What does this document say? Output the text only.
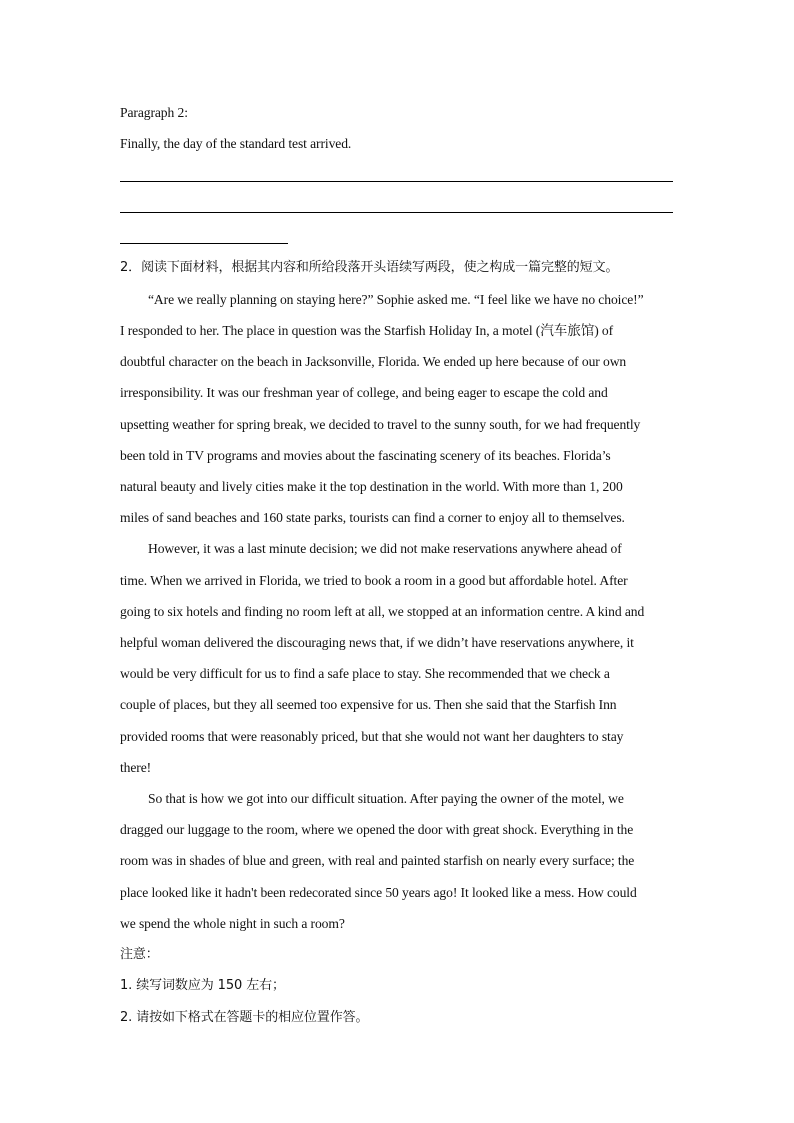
Paragraph 2:
Finally, the day of the standard test arrived.
2．阅读下面材料，根据其内容和所给段落开头语续写两段，使之构成一篇完整的短文。
“Are we really planning on staying here?” Sophie asked me. “I feel like we have no choice!”
I responded to her. The place in question was the Starfish Holiday In, a motel (汽车旅馆) of
doubtful character on the beach in Jacksonville, Florida. We ended up here because of our own
irresponsibility. It was our freshman year of college, and being eager to escape the cold and
upsetting weather for spring break, we decided to travel to the sunny south, for we had frequently
been told in TV programs and movies about the fascinating scenery of its beaches. Florida’s
natural beauty and lively cities make it the top destination in the world. With more than 1, 200
miles of sand beaches and 160 state parks, tourists can find a corner to enjoy all to themselves.
However, it was a last minute decision; we did not make reservations anywhere ahead of
time. When we arrived in Florida, we tried to book a room in a good but affordable hotel. After
going to six hotels and finding no room left at all, we stopped at an information centre. A kind and
helpful woman delivered the discouraging news that, if we didn’t have reservations anywhere, it
would be very difficult for us to find a safe place to stay. She recommended that we check a
couple of places, but they all seemed too expensive for us. Then she said that the Starfish Inn
provided rooms that were reasonably priced, but that she would not want her daughters to stay
there!
So that is how we got into our difficult situation. After paying the owner of the motel, we
dragged our luggage to the room, where we opened the door with great shock. Everything in the
room was in shades of blue and green, with real and painted starfish on nearly every surface; the
place looked like it hadn't been redecorated since 50 years ago! It looked like a mess. How could
we spend the whole night in such a room?
注意：
1. 续写词数应为 150 左右；
2. 请按如下格式在答题卡的相应位置作答。
